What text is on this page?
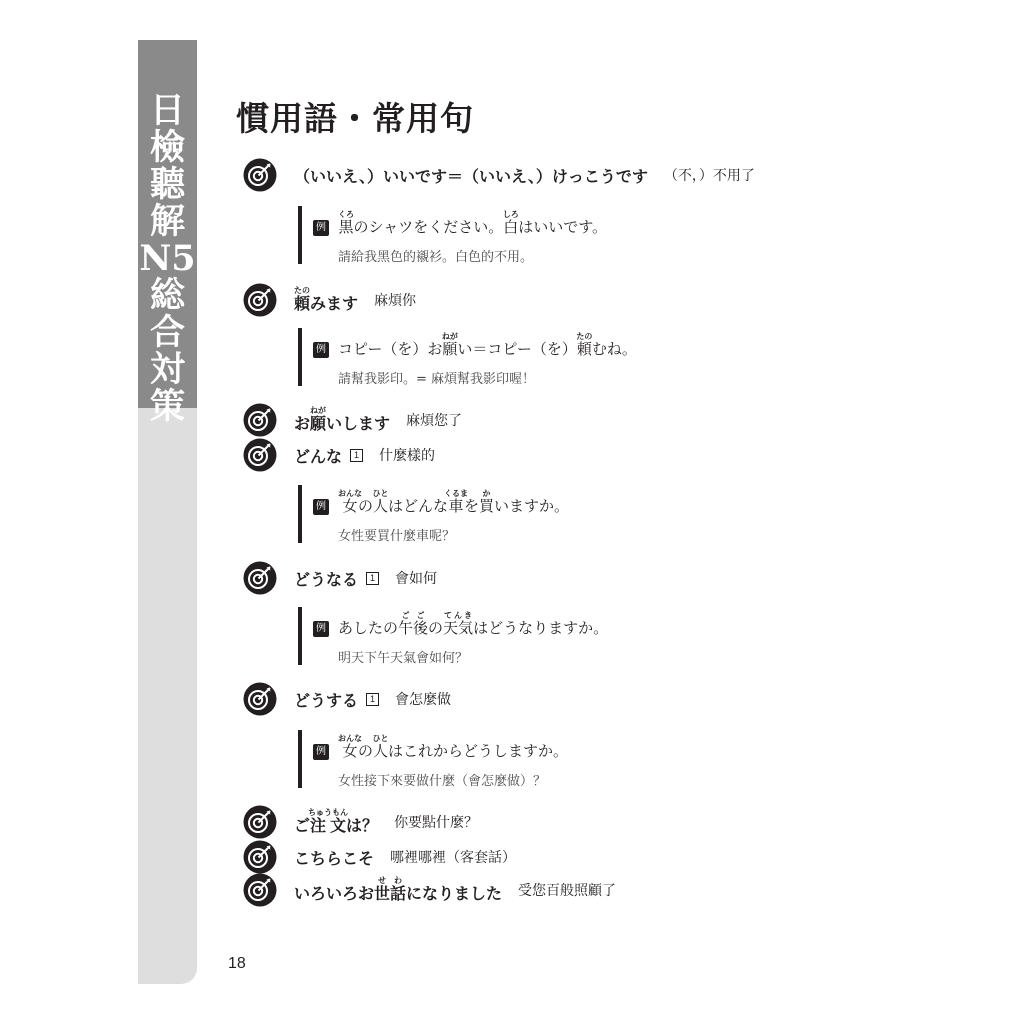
日
檢
聽
解
N5
総
合
対
策
18
慣用語・常用句
（いいえ、）いいです＝（いいえ、）けっこうです （不，）不用了
例 黒くろのシャツをください。白しろはいいです。
請給我黑色的襯衫。白色的不用。
頼たのみます 麻煩你
例 コピー（を）お願ねがい＝コピー（を）頼たのむね。
請幫我影印。= 麻煩幫我影印喔！
お願ねがいします 麻煩您了
どんな	1 什麼樣的
例 女おんなの人ひとはどんな車くるまを買かいますか。
女性要買什麼車呢？
どうなる	1 會如何
例 あしたの午後ごごの天気てんきはどうなりますか。
明天下午天氣會如何？
どうする	1 會怎麼做
例 女おんなの人ひとはこれからどうしますか。
女性接下來要做什麼（會怎麼做）？
ご注文ちゅうもんは？ 你要點什麼？
こちらこそ 哪裡哪裡（客套話）
いろいろお世話せわになりました 受您百般照顧了
